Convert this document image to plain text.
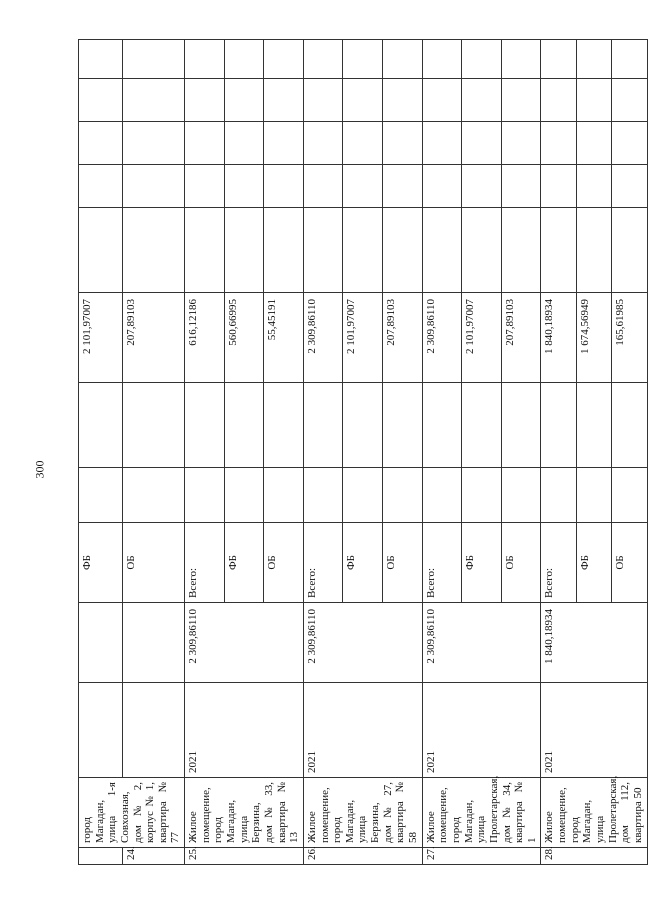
300
	город Магадан, улица 1-я Совхозная, дом № 2, корпус № 1, квартира № 77			ФБ			2 101,97007					
24.				ОБ			207,89103					
25.	Жилое помещение, город Магадан, улица Берзина, дом № 33, квартира № 13	2021	2 309,86110	Всего:			616,12186					
				ФБ			560,66995					
				ОБ			55,45191					
26.	Жилое помещение, город Магадан, улица Берзина, дом № 27, квартира № 58	2021	2 309,86110	Всего:			2 309,86110					
				ФБ			2 101,97007					
				ОБ			207,89103					
27.	Жилое помещение, город Магадан, улица Пролетарская, дом № 34, квартира № 1	2021	2 309,86110	Всего:			2 309,86110					
				ФБ			2 101,97007					
				ОБ			207,89103					
28.	Жилое помещение, город Магадан, улица Пролетарская, дом 112, квартира 50	2021	1 840,18934	Всего:			1 840,18934					
				ФБ			1 674,56949					
				ОБ			165,61985					
